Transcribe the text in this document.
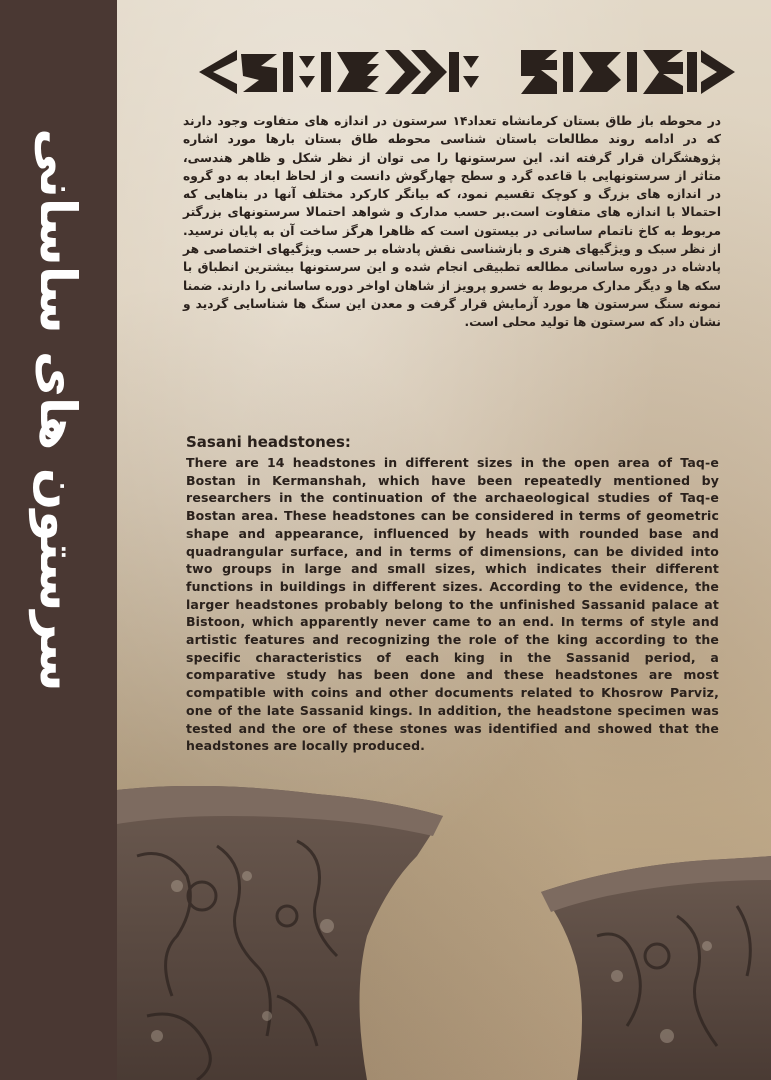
سرستون های ساسانی
در محوطه باز طاق بستان کرمانشاه تعداد۱۴ سرستون در اندازه های متفاوت وجود دارند که در ادامه روند مطالعات باستان شناسی محوطه طاق بستان بارها مورد اشاره پژوهشگران قرار گرفته اند. این سرستونها را می توان از نظر شکل و ظاهر هندسی، متاثر از سرستونهایی با قاعده گرد و سطح چهارگوش دانست و از لحاظ ابعاد به دو گروه در اندازه های بزرگ و کوچک تقسیم نمود، که بیانگر کارکرد مختلف آنها در بناهایی که احتمالا با اندازه های متفاوت است.بر حسب مدارک و شواهد احتمالا سرستونهای بزرگتر مربوط به کاخ ناتمام ساسانی در بیستون است که ظاهرا هرگز ساخت آن به پایان نرسید. از نظر سبک و ویژگیهای هنری و بازشناسی نقش پادشاه بر حسب ویژگیهای اختصاصی هر پادشاه در دوره ساسانی مطالعه تطبیقی انجام شده و این سرستونها بیشترین انطباق با سکه ها و دیگر مدارک مربوط به خسرو پرویز از شاهان اواخر دوره ساسانی را دارند. ضمنا نمونه سنگ سرستون ها مورد آزمایش قرار گرفت و معدن این سنگ ها شناسایی گردید و نشان داد که سرستون ها تولید محلی است.
Sasani headstones:

There are 14 headstones in different sizes in the open area of Taq-e Bostan in Kermanshah, which have been repeatedly mentioned by researchers in the continuation of the archaeological studies of Taq-e Bostan area. These headstones can be considered in terms of geometric shape and appearance, influenced by heads with rounded base and quadrangular surface, and in terms of dimensions, can be divided into two groups in large and small sizes, which indicates their different functions in buildings in different sizes. According to the evidence, the larger headstones probably belong to the unfinished Sassanid palace at Bistoon, which apparently never came to an end. In terms of style and artistic features and recognizing the role of the king according to the specific characteristics of each king in the Sassanid period, a comparative study has been done and these headstones are most compatible with coins and other documents related to Khosrow Parviz, one of the late Sassanid kings. In addition, the headstone specimen was tested and the ore of these stones was identified and showed that the headstones are locally produced.
